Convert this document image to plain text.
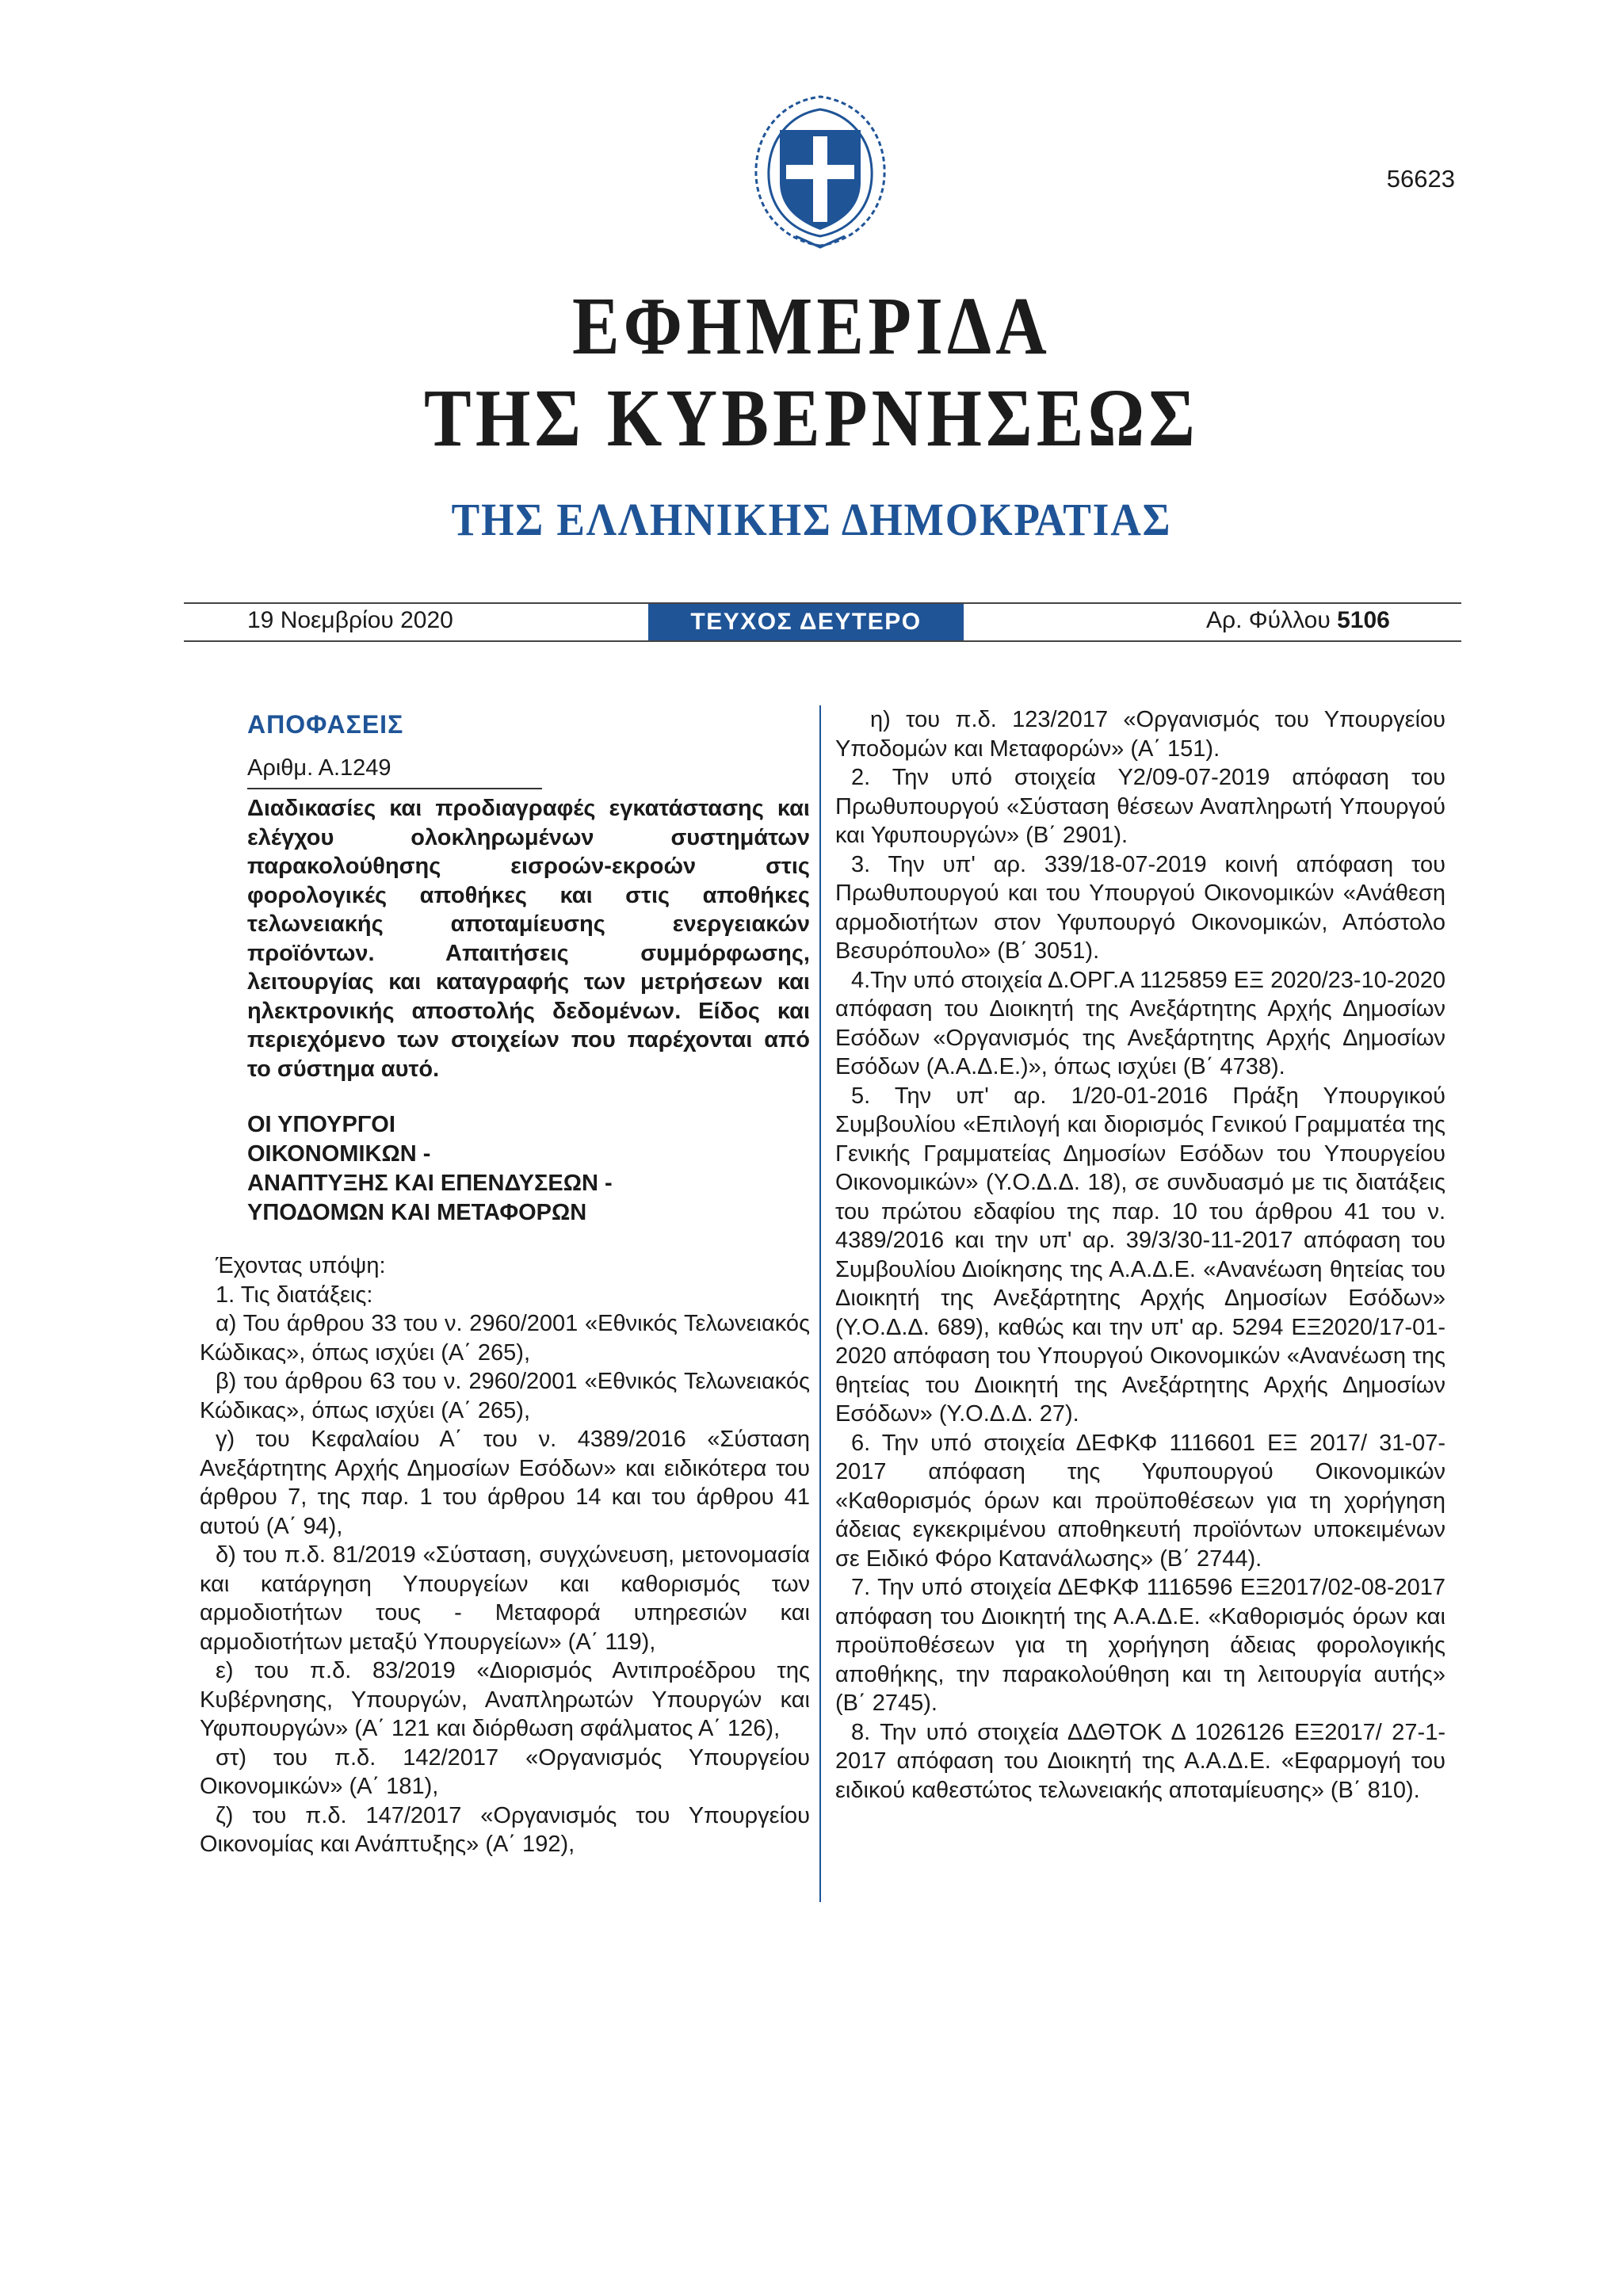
56623
ΕΦΗΜΕΡΙΔΑ
ΤΗΣ ΚΥΒΕΡΝΗΣΕΩΣ
ΤΗΣ ΕΛΛΗΝΙΚΗΣ ΔΗΜΟΚΡΑΤΙΑΣ
19 Νοεμβρίου 2020	ΤΕΥΧΟΣ ΔΕΥΤΕΡΟ	Αρ. Φύλλου 5106
ΑΠΟΦΑΣΕΙΣ
Αριθμ. Α.1249
Διαδικασίες και προδιαγραφές εγκατάστασης και ελέγχου ολοκληρωμένων συστημάτων παρακολούθησης εισροών-εκροών στις φορολογικές αποθήκες και στις αποθήκες τελωνειακής αποταμίευσης ενεργειακών προϊόντων. Απαιτήσεις συμμόρφωσης, λειτουργίας και καταγραφής των μετρήσεων και ηλεκτρονικής αποστολής δεδομένων. Είδος και περιεχόμενο των στοιχείων που παρέχονται από το σύστημα αυτό.
ΟΙ ΥΠΟΥΡΓΟΙ
ΟΙΚΟΝΟΜΙΚΩΝ -
ΑΝΑΠΤΥΞΗΣ ΚΑΙ ΕΠΕΝΔΥΣΕΩΝ -
ΥΠΟΔΟΜΩΝ ΚΑΙ ΜΕΤΑΦΟΡΩΝ

Έχοντας υπόψη:

1. Τις διατάξεις:

α) Του άρθρου 33 του ν. 2960/2001 «Εθνικός Τελωνειακός Κώδικας», όπως ισχύει (Α΄ 265),

β) του άρθρου 63 του ν. 2960/2001 «Εθνικός Τελωνειακός Κώδικας», όπως ισχύει (Α΄ 265),

γ) του Κεφαλαίου Α΄ του ν. 4389/2016 «Σύσταση Ανεξάρτητης Αρχής Δημοσίων Εσόδων» και ειδικότερα του άρθρου 7, της παρ. 1 του άρθρου 14 και του άρθρου 41 αυτού (Α΄ 94),

δ) του π.δ. 81/2019 «Σύσταση, συγχώνευση, μετονομασία και κατάργηση Υπουργείων και καθορισμός των αρμοδιοτήτων τους - Μεταφορά υπηρεσιών και αρμοδιοτήτων μεταξύ Υπουργείων» (Α΄ 119),

ε) του π.δ. 83/2019 «Διορισμός Αντιπροέδρου της Κυβέρνησης, Υπουργών, Αναπληρωτών Υπουργών και Υφυπουργών» (Α΄ 121 και διόρθωση σφάλματος Α΄ 126),

στ) του π.δ. 142/2017 «Οργανισμός Υπουργείου Οικονομικών» (Α΄ 181),

ζ) του π.δ. 147/2017 «Οργανισμός του Υπουργείου Οικονομίας και Ανάπτυξης» (Α΄ 192),

η) του π.δ. 123/2017 «Οργανισμός του Υπουργείου Υποδομών και Μεταφορών» (Α΄ 151).

2. Την υπό στοιχεία Υ2/09-07-2019 απόφαση του Πρωθυπουργού «Σύσταση θέσεων Αναπληρωτή Υπουργού και Υφυπουργών» (Β΄ 2901).

3. Την υπ' αρ. 339/18-07-2019 κοινή απόφαση του Πρωθυπουργού και του Υπουργού Οικονομικών «Ανάθεση αρμοδιοτήτων στον Υφυπουργό Οικονομικών, Απόστολο Βεσυρόπουλο» (Β΄ 3051).

4.Την υπό στοιχεία Δ.ΟΡΓ.Α 1125859 ΕΞ 2020/23-10-2020 απόφαση του Διοικητή της Ανεξάρτητης Αρχής Δημοσίων Εσόδων «Οργανισμός της Ανεξάρτητης Αρχής Δημοσίων Εσόδων (Α.Α.Δ.Ε.)», όπως ισχύει (Β΄ 4738).

5. Την υπ' αρ. 1/20-01-2016 Πράξη Υπουργικού Συμβουλίου «Επιλογή και διορισμός Γενικού Γραμματέα της Γενικής Γραμματείας Δημοσίων Εσόδων του Υπουργείου Οικονομικών» (Υ.Ο.Δ.Δ. 18), σε συνδυασμό με τις διατάξεις του πρώτου εδαφίου της παρ. 10 του άρθρου 41 του ν. 4389/2016 και την υπ' αρ. 39/3/30-11-2017 απόφαση του Συμβουλίου Διοίκησης της Α.Α.Δ.Ε. «Ανανέωση θητείας του Διοικητή της Ανεξάρτητης Αρχής Δημοσίων Εσόδων» (Υ.Ο.Δ.Δ. 689), καθώς και την υπ' αρ. 5294 ΕΞ2020/17-01-2020 απόφαση του Υπουργού Οικονομικών «Ανανέωση της θητείας του Διοικητή της Ανεξάρτητης Αρχής Δημοσίων Εσόδων» (Υ.Ο.Δ.Δ. 27).

6. Την υπό στοιχεία ΔΕΦΚΦ 1116601 ΕΞ 2017/ 31-07-2017 απόφαση της Υφυπουργού Οικονομικών «Καθορισμός όρων και προϋποθέσεων για τη χορήγηση άδειας εγκεκριμένου αποθηκευτή προϊόντων υποκειμένων σε Ειδικό Φόρο Κατανάλωσης» (Β΄ 2744).

7. Την υπό στοιχεία ΔΕΦΚΦ 1116596 ΕΞ2017/02-08-2017 απόφαση του Διοικητή της Α.Α.Δ.Ε. «Καθορισμός όρων και προϋποθέσεων για τη χορήγηση άδειας φορολογικής αποθήκης, την παρακολούθηση και τη λειτουργία αυτής» (Β΄ 2745).

8. Την υπό στοιχεία ΔΔΘΤΟΚ Δ 1026126 ΕΞ2017/ 27-1-2017 απόφαση του Διοικητή της Α.Α.Δ.Ε. «Εφαρμογή του ειδικού καθεστώτος τελωνειακής αποταμίευσης» (Β΄ 810).
